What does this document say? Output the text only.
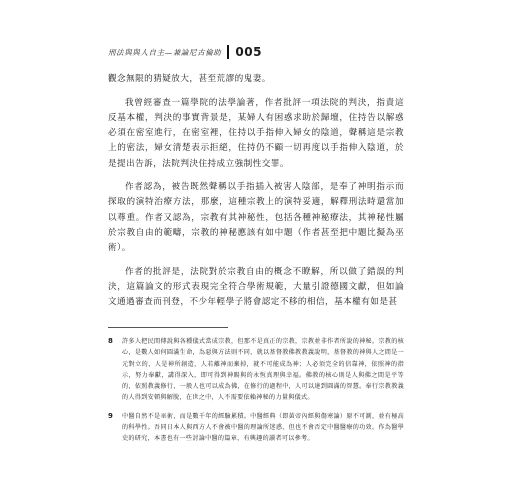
刑法與與人自主—兼論尼古倫助 005

觀念無限的猜疑放大，甚至荒謬的鬼妻。

我曾經審查一篇學院的法學論著，作者批評一項法院的判決，指責這反基本權，判決的事實背景是，某婦人有困惑求助於歸壇，住持告以解惑必須在密室進行，在密室裡，住持以手指伸入婦女的陰道，聲稱這是宗教上的密法，婦女清楚表示拒絕，住持仍不顧一切再度以手指伸入陰道，於是提出告訴，法院判決住持成立強制性交罪。

作者認為，被告既然聲稱以手指插入被害人陰部，是奉了神明指示而探取的演特治療方法，那麼，這種宗教上的演特妥適，解釋刑法時還當加以尊重。作者又認為，宗教有其神秘性，包括各種神秘療法，其神秘性屬於宗教自由的範疇，宗教的神秘應該有如中題（作者甚至把中題比擬為巫術）。

作者的批評是，法院對於宗教自由的概念不瞭解，所以做了錯誤的判決，這篇論文的形式表現完全符合學術規範，大量引證德國文獻，但如論文通過審查而刊登，不少年輕學子將會認定不移的相信，基本權有如是甚

8	許多人把民間傳說與各種儀式當成宗教，但那不是真正的宗教，宗教並非作者所說的神秘。宗教的核心，是數人如何圓滿生命，為惡與方法則不同，就以基督教佛教教義說明，基督教的神與人之間是一元對立的，人是神所創造，人若離神而棄掉，就不可能成為神；人必須完全的信靠神，依照神的指示，努力奉獻，講得深入，即可得到神賜與的永恆真理與幸福。佛教的核心則是人與佛之間是平等的，依照教義修行，一般人也可以成為佛，在修行的過程中，人可以達到圓滿的智慧。奉行宗教教義的人得到安頓與解脫，在世之中，人不需要依賴神秘的力量與儀式。
9	中醫自然不是巫術，而是數千年的經驗累積。中醫經典（即黃帝內經與傷寒論）原不可測，並有極高的科學性。吾同日本人與西方人不會被中醫的理論所迷惑，但也不會否定中醫醫療的功效。作為醫學史的研究，本書也有一些討論中醫的篇章，有興趣的讀者可以參考。
